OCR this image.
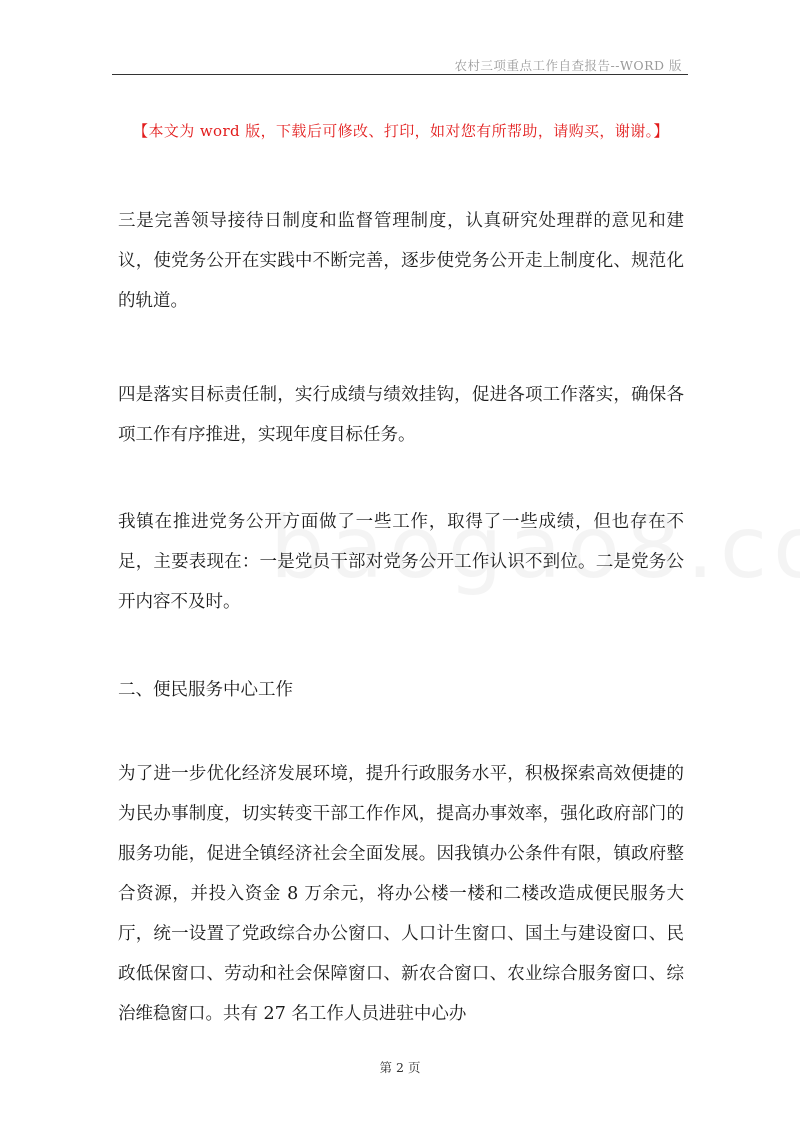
农村三项重点工作自查报告--WORD 版
【本文为 word 版，下载后可修改、打印，如对您有所帮助，请购买，谢谢。】
三是完善领导接待日制度和监督管理制度，认真研究处理群的意见和建议，使党务公开在实践中不断完善，逐步使党务公开走上制度化、规范化的轨道。
四是落实目标责任制，实行成绩与绩效挂钩，促进各项工作落实，确保各项工作有序推进，实现年度目标任务。
我镇在推进党务公开方面做了一些工作，取得了一些成绩，但也存在不足，主要表现在：一是党员干部对党务公开工作认识不到位。二是党务公开内容不及时。
二、便民服务中心工作
为了进一步优化经济发展环境，提升行政服务水平，积极探索高效便捷的为民办事制度，切实转变干部工作作风，提高办事效率，强化政府部门的服务功能，促进全镇经济社会全面发展。因我镇办公条件有限，镇政府整合资源，并投入资金 8 万余元，将办公楼一楼和二楼改造成便民服务大厅，统一设置了党政综合办公窗口、人口计生窗口、国土与建设窗口、民政低保窗口、劳动和社会保障窗口、新农合窗口、农业综合服务窗口、综治维稳窗口。共有 27 名工作人员进驻中心办
第 2 页
